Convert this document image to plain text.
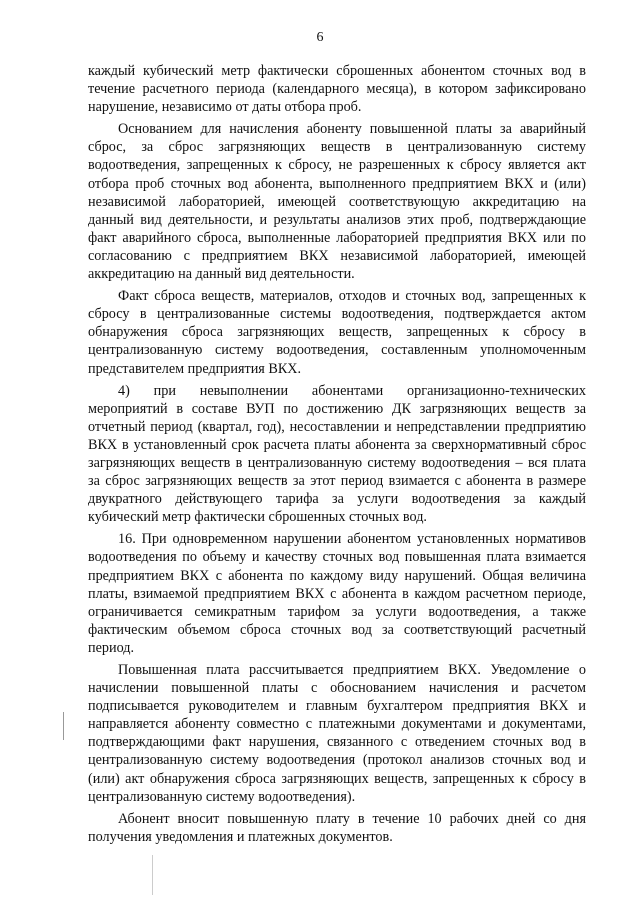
6

каждый кубический метр фактически сброшенных абонентом сточных вод в течение расчетного периода (календарного месяца), в котором зафиксировано нарушение, независимо от даты отбора проб.

Основанием для начисления абоненту повышенной платы за аварийный сброс, за сброс загрязняющих веществ в централизованную систему водоотведения, запрещенных к сбросу, не разрешенных к сбросу является акт отбора проб сточных вод абонента, выполненного предприятием ВКХ и (или) независимой лабораторией, имеющей соответствующую аккредитацию на данный вид деятельности, и результаты анализов этих проб, подтверждающие факт аварийного сброса, выполненные лабораторией предприятия ВКХ или по согласованию с предприятием ВКХ независимой лабораторией, имеющей аккредитацию на данный вид деятельности.

Факт сброса веществ, материалов, отходов и сточных вод, запрещенных к сбросу в централизованные системы водоотведения, подтверждается актом обнаружения сброса загрязняющих веществ, запрещенных к сбросу в централизованную систему водоотведения, составленным уполномоченным представителем предприятия ВКХ.

4) при невыполнении абонентами организационно-технических мероприятий в составе ВУП по достижению ДК загрязняющих веществ за отчетный период (квартал, год), несоставлении и непредставлении предприятию ВКХ в установленный срок расчета платы абонента за сверхнормативный сброс загрязняющих веществ в централизованную систему водоотведения – вся плата за сброс загрязняющих веществ за этот период взимается с абонента в размере двукратного действующего тарифа за услуги водоотведения за каждый кубический метр фактически сброшенных сточных вод.

16. При одновременном нарушении абонентом установленных нормативов водоотведения по объему и качеству сточных вод повышенная плата взимается предприятием ВКХ с абонента по каждому виду нарушений. Общая величина платы, взимаемой предприятием ВКХ с абонента в каждом расчетном периоде, ограничивается семикратным тарифом за услуги водоотведения, а также фактическим объемом сброса сточных вод за соответствующий расчетный период.

Повышенная плата рассчитывается предприятием ВКХ. Уведомление о начислении повышенной платы с обоснованием начисления и расчетом подписывается руководителем и главным бухгалтером предприятия ВКХ и направляется абоненту совместно с платежными документами и документами, подтверждающими факт нарушения, связанного с отведением сточных вод в централизованную систему водоотведения (протокол анализов сточных вод и (или) акт обнаружения сброса загрязняющих веществ, запрещенных к сбросу в централизованную систему водоотведения).

Абонент вносит повышенную плату в течение 10 рабочих дней со дня получения уведомления и платежных документов.
